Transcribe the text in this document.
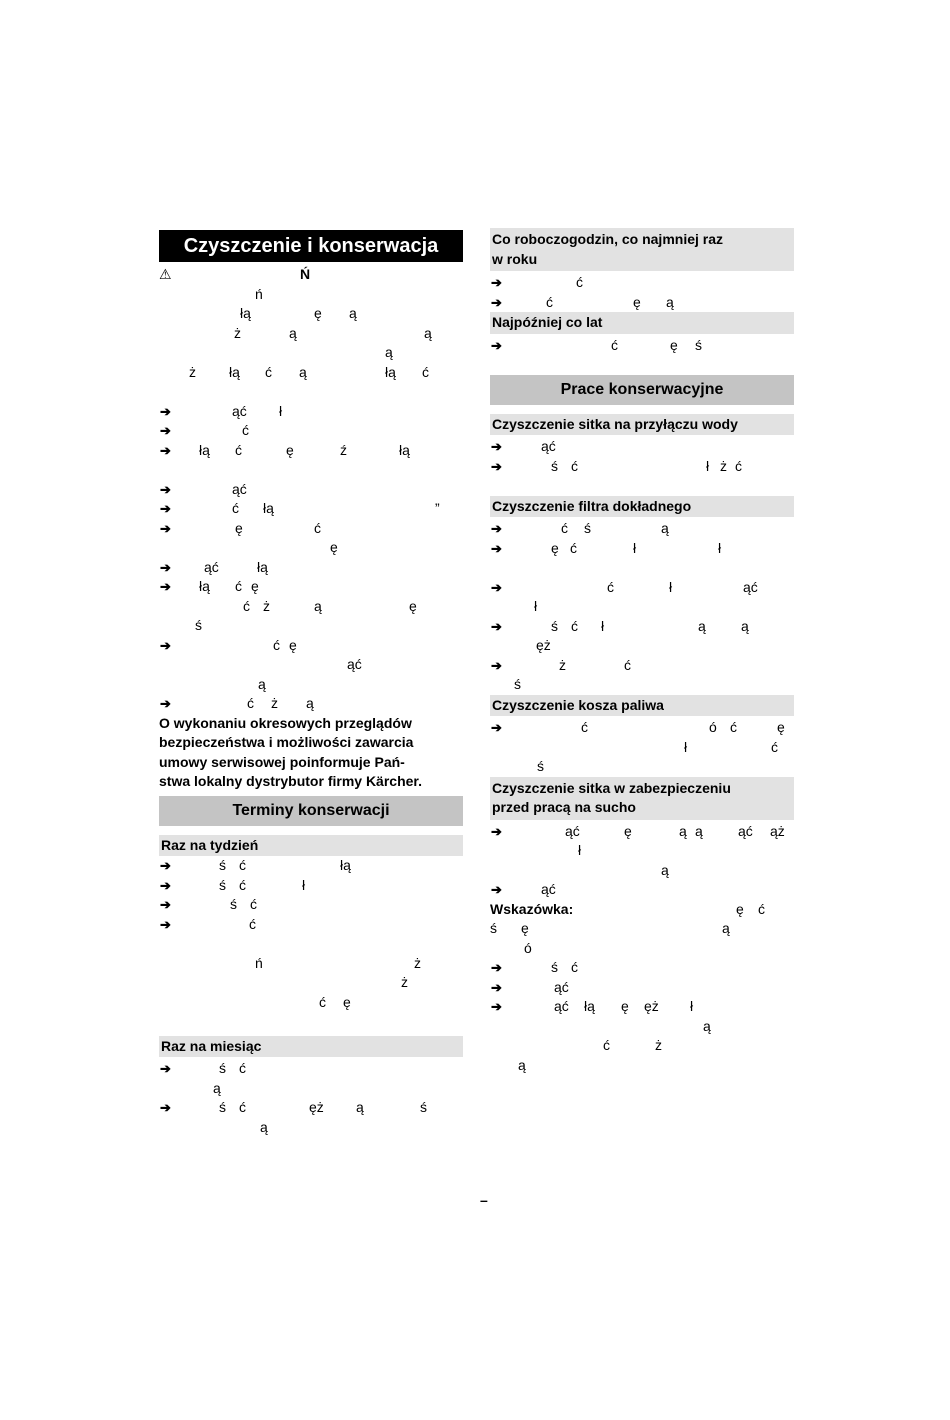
Czyszczenie i konserwacja
⚠	Ń
ń
łą	ę ą
ż	ą	ą
ą
ż łą ć ą	łą ć
➔	ąć ł
➔	ć
➔ łą ć	ę	ź	łą
➔	ąć
➔	ć łą	”
➔	ę	ć
ę
➔ ąć	łą
➔ łą ć ę
ć ż	ą	ę
ś
➔	ć ę
ąć
ą
➔	ć ż ą
O wykonaniu okresowych przeglądów
bezpieczeństwa i możliwości zawarcia
umowy serwisowej poinformuje Pań-
stwa lokalny dystrybutor firmy Kärcher.
Terminy konserwacji
Raz na tydzień
➔	ś ć	łą
➔	ś ć	ł
➔	ś ć
➔	ć
ń	ż
ż
ć ę
Raz na miesiąc
➔	ś ć
ą
➔	ś ć	ęż ą	ś
ą
Co roboczogodzin, co najmniej raz
w roku
➔	ć
➔	ć	ę ą
Najpóźniej co lat
➔	ć	ę ś
Prace konserwacyjne
Czyszczenie sitka na przyłączu wody
➔	ąć
➔	ś ć	ł ż ć
Czyszczenie filtra dokładnego
➔	ć ś	ą
➔	ę ć	ł	ł
➔	ć	ł	ąć
ł
➔	ś ć ł	ą	ą
ęż
➔	ż	ć
ś
Czyszczenie kosza paliwa
➔	ć	ó ć	ę
ł	ć
ś
Czyszczenie sitka w zabezpieczeniu
przed pracą na sucho
➔	ąć	ę	ą ą	ąć ąż
ł
ą
➔	ąć
Wskazówka:	ę ć
ś ę	ą
ó
➔	ś ć
➔	ąć
➔	ąć łą ę ęż ł
ą
ć	ż
ą
–
